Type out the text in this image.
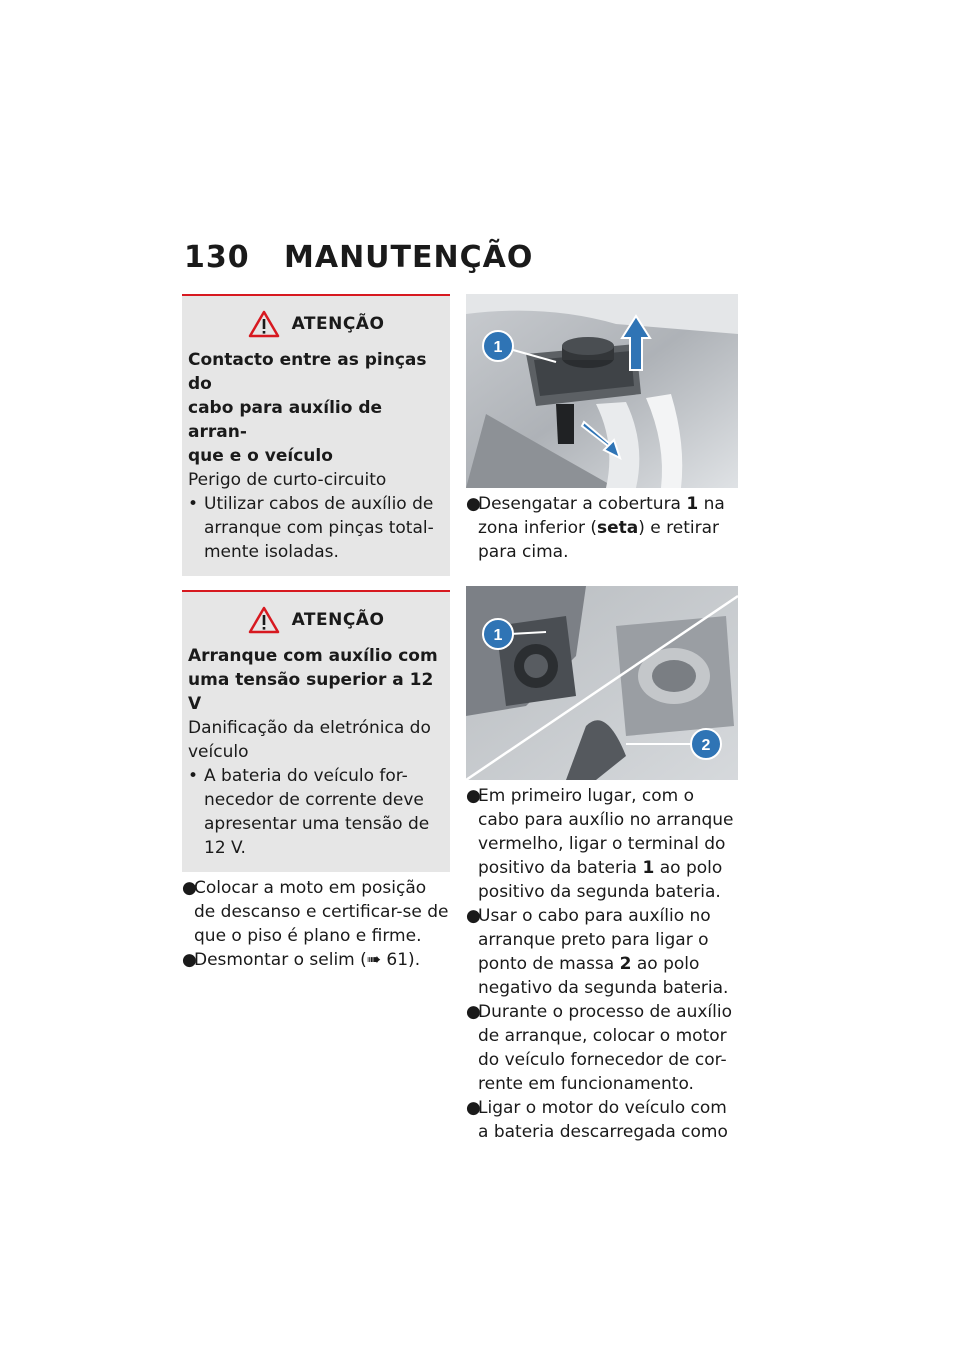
130	MANUTENÇÃO
ATENÇÃO
Contacto entre as pinças do
cabo para auxílio de arran-
que e o veículo
Perigo de curto-circuito
• Utilizar cabos de auxílio de
arranque com pinças total-
mente isoladas.
ATENÇÃO
Arranque com auxílio com
uma tensão superior a 12 V
Danificação da eletrónica do
veículo
• A bateria do veículo for-
necedor de corrente deve
apresentar uma tensão de
12 V.
●
Colocar a moto em posição
de descanso e certificar-se de
que o piso é plano e firme.
●
Desmontar o selim (➠ 61).
1
●
Desengatar a cobertura 1 na
zona inferior (seta) e retirar
para cima.
1
2
●
Em primeiro lugar, com o
cabo para auxílio no arranque
vermelho, ligar o terminal do
positivo da bateria 1 ao polo
positivo da segunda bateria.
●
Usar o cabo para auxílio no
arranque preto para ligar o
ponto de massa 2 ao polo
negativo da segunda bateria.
●
Durante o processo de auxílio
de arranque, colocar o motor
do veículo fornecedor de cor-
rente em funcionamento.
●
Ligar o motor do veículo com
a bateria descarregada como
